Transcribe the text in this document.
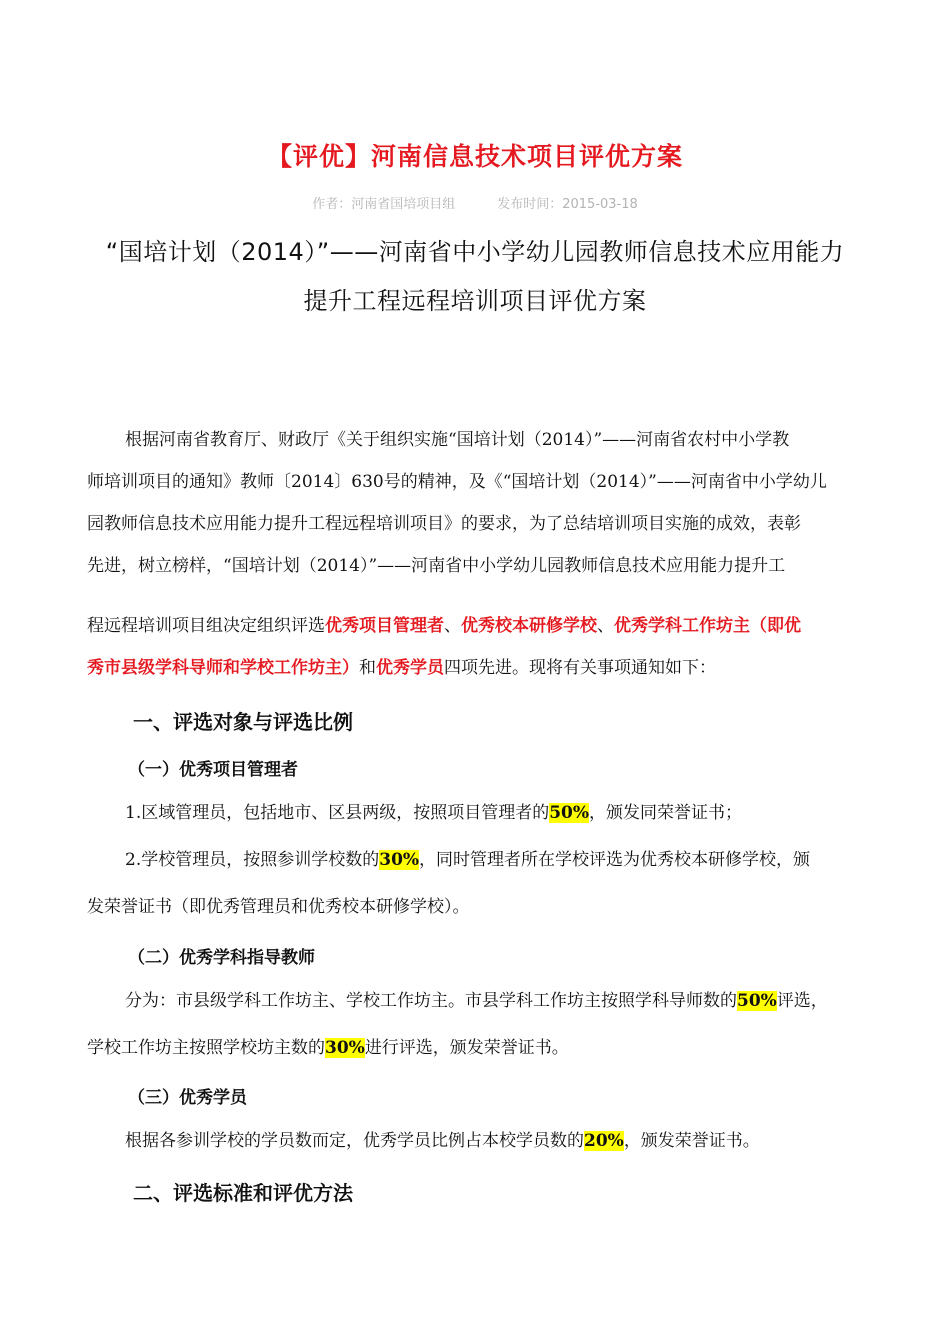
【评优】河南信息技术项目评优方案
作者：河南省国培项目组	发布时间：2015-03-18
“国培计划（2014）”——河南省中小学幼儿园教师信息技术应用能力
提升工程远程培训项目评优方案
根据河南省教育厅、财政厅《关于组织实施“国培计划（2014）”——河南省农村中小学教
师培训项目的通知》教师〔2014〕630号的精神，及《“国培计划（2014）”——河南省中小学幼儿
园教师信息技术应用能力提升工程远程培训项目》的要求，为了总结培训项目实施的成效，表彰
先进，树立榜样，“国培计划（2014）”——河南省中小学幼儿园教师信息技术应用能力提升工
程远程培训项目组决定组织评选优秀项目管理者、优秀校本研修学校、优秀学科工作坊主（即优
秀市县级学科导师和学校工作坊主）和优秀学员四项先进。现将有关事项通知如下：
一、评选对象与评选比例
（一）优秀项目管理者
1.区域管理员，包括地市、区县两级，按照项目管理者的50%，颁发同荣誉证书；
2.学校管理员，按照参训学校数的30%，同时管理者所在学校评选为优秀校本研修学校，颁
发荣誉证书（即优秀管理员和优秀校本研修学校）。
（二）优秀学科指导教师
分为：市县级学科工作坊主、学校工作坊主。市县学科工作坊主按照学科导师数的50%评选，
学校工作坊主按照学校坊主数的30%进行评选，颁发荣誉证书。
（三）优秀学员
根据各参训学校的学员数而定，优秀学员比例占本校学员数的20%，颁发荣誉证书。
二、评选标准和评优方法
